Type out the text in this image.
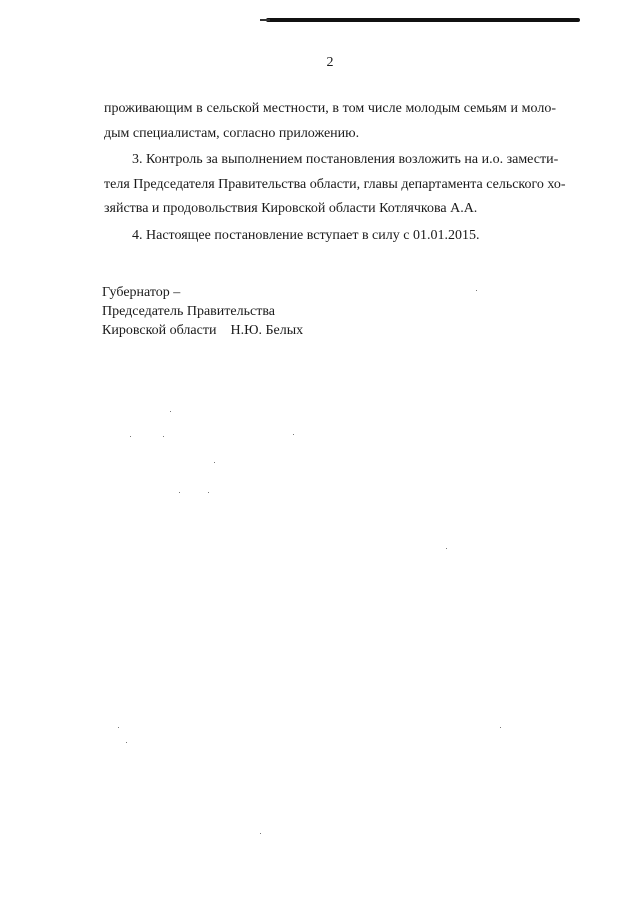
2
проживающим в сельской местности, в том числе молодым семьям и моло-
дым специалистам, согласно приложению.
3. Контроль за выполнением постановления возложить на и.о. замести-
теля Председателя Правительства области, главы департамента сельского хо-
зяйства и продовольствия Кировской области Котлячкова А.А.
4. Настоящее постановление вступает в силу с 01.01.2015.
Губернатор –
Председатель Правительства
Кировской области    Н.Ю. Белых
